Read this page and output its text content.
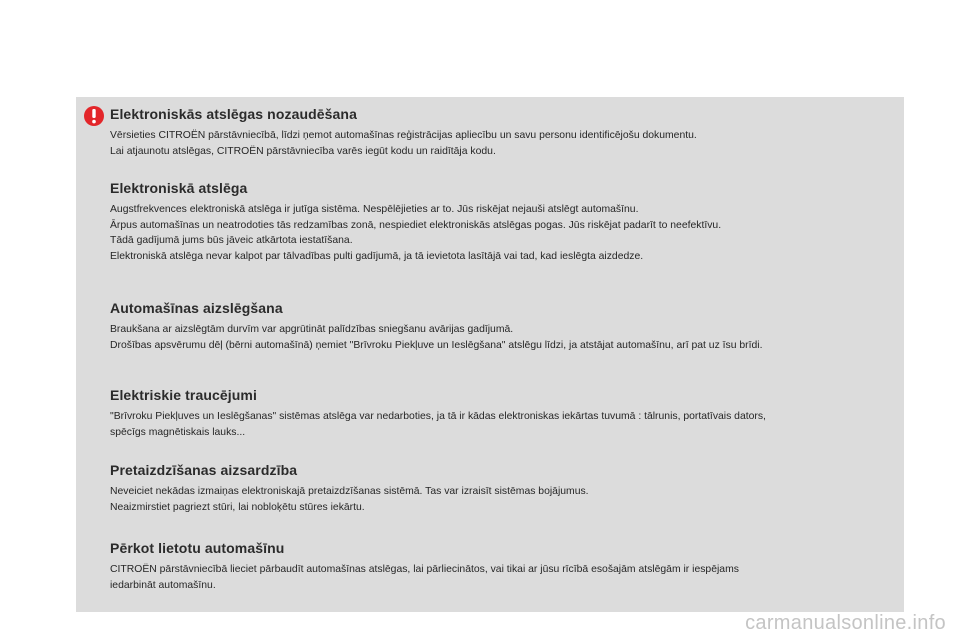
Elektroniskās atslēgas nozaudēšana

Vērsieties CITROËN pārstāvniecībā, līdzi ņemot automašīnas reģistrācijas apliecību un savu personu identificējošu dokumentu.
Lai atjaunotu atslēgas, CITROËN pārstāvniecība varēs iegūt kodu un raidītāja kodu.

Elektroniskā atslēga

Augstfrekvences elektroniskā atslēga ir jutīga sistēma. Nespēlējieties ar to. Jūs riskējat nejauši atslēgt automašīnu.
Ārpus automašīnas un neatrodoties tās redzamības zonā, nespiediet elektroniskās atslēgas pogas. Jūs riskējat padarīt to neefektīvu.
Tādā gadījumā jums būs jāveic atkārtota iestatīšana.
Elektroniskā atslēga nevar kalpot par tālvadības pulti gadījumā, ja tā ievietota lasītājā vai tad, kad ieslēgta aizdedze.

Automašīnas aizslēgšana

Braukšana ar aizslēgtām durvīm var apgrūtināt palīdzības sniegšanu avārijas gadījumā.
Drošības apsvērumu dēļ (bērni automašīnā) ņemiet "Brīvroku Piekļuve un Ieslēgšana" atslēgu līdzi, ja atstājat automašīnu, arī pat uz īsu brīdi.

Elektriskie traucējumi

"Brīvroku Piekļuves un Ieslēgšanas" sistēmas atslēga var nedarboties, ja tā ir kādas elektroniskas iekārtas tuvumā : tālrunis, portatīvais dators,
spēcīgs magnētiskais lauks...

Pretaizdzīšanas aizsardzība

Neveiciet nekādas izmaiņas elektroniskajā pretaizdzīšanas sistēmā. Tas var izraisīt sistēmas bojājumus.
Neaizmirstiet pagriezt stūri, lai nobloķētu stūres iekārtu.

Pērkot lietotu automašīnu

CITROËN pārstāvniecībā lieciet pārbaudīt automašīnas atslēgas, lai pārliecinātos, vai tikai ar jūsu rīcībā esošajām atslēgām ir iespējams
iedarbināt automašīnu.

carmanualsonline.info
